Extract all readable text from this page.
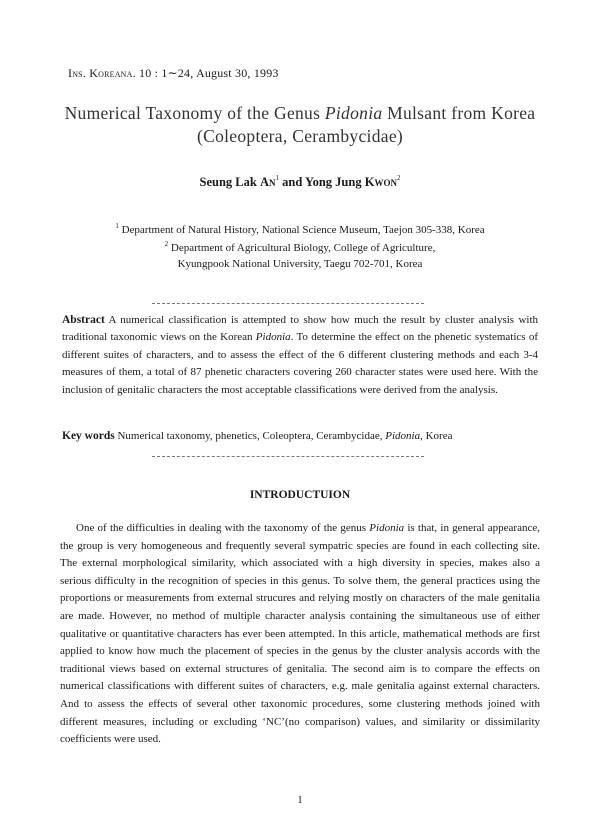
Ins. Koreana. 10 : 1∼24, August 30, 1993
Numerical Taxonomy of the Genus Pidonia Mulsant from Korea
(Coleoptera, Cerambycidae)
Seung Lak An$^1$ and Yong Jung Kwon$^2$
$^1$ Department of Natural History, National Science Museum, Taejon 305-338, Korea
$^2$ Department of Agricultural Biology, College of Agriculture,
Kyungpook National University, Taegu 702-701, Korea
Abstract A numerical classification is attempted to show how much the result by cluster analysis with traditional taxonomic views on the Korean Pidonia. To determine the effect on the phenetic systematics of different suites of characters, and to assess the effect of the 6 different clustering methods and each 3-4 measures of them, a total of 87 phenetic characters covering 260 character states were used here. With the inclusion of genitalic characters the most acceptable classifications were derived from the analysis.
Key words Numerical taxonomy, phenetics, Coleoptera, Cerambycidae, Pidonia, Korea
INTRODUCTUION
One of the difficulties in dealing with the taxonomy of the genus Pidonia is that, in general appearance, the group is very homogeneous and frequently several sympatric species are found in each collecting site. The external morphological similarity, which associated with a high diversity in species, makes also a serious difficulty in the recognition of species in this genus. To solve them, the general practices using the proportions or measurements from external strucures and relying mostly on characters of the male genitalia are made. However, no method of multiple character analysis containing the simultaneous use of either qualitative or quantitative characters has ever been attempted. In this article, mathematical methods are first applied to know how much the placement of species in the genus by the cluster analysis accords with the traditional views based on external structures of genitalia. The second aim is to compare the effects on numerical classifications with different suites of characters, e.g. male genitalia against external characters. And to assess the effects of several other taxonomic procedures, some clustering methods joined with different measures, including or excluding ‘NC’(no comparison) values, and similarity or dissimilarity coefficients were used.
1
